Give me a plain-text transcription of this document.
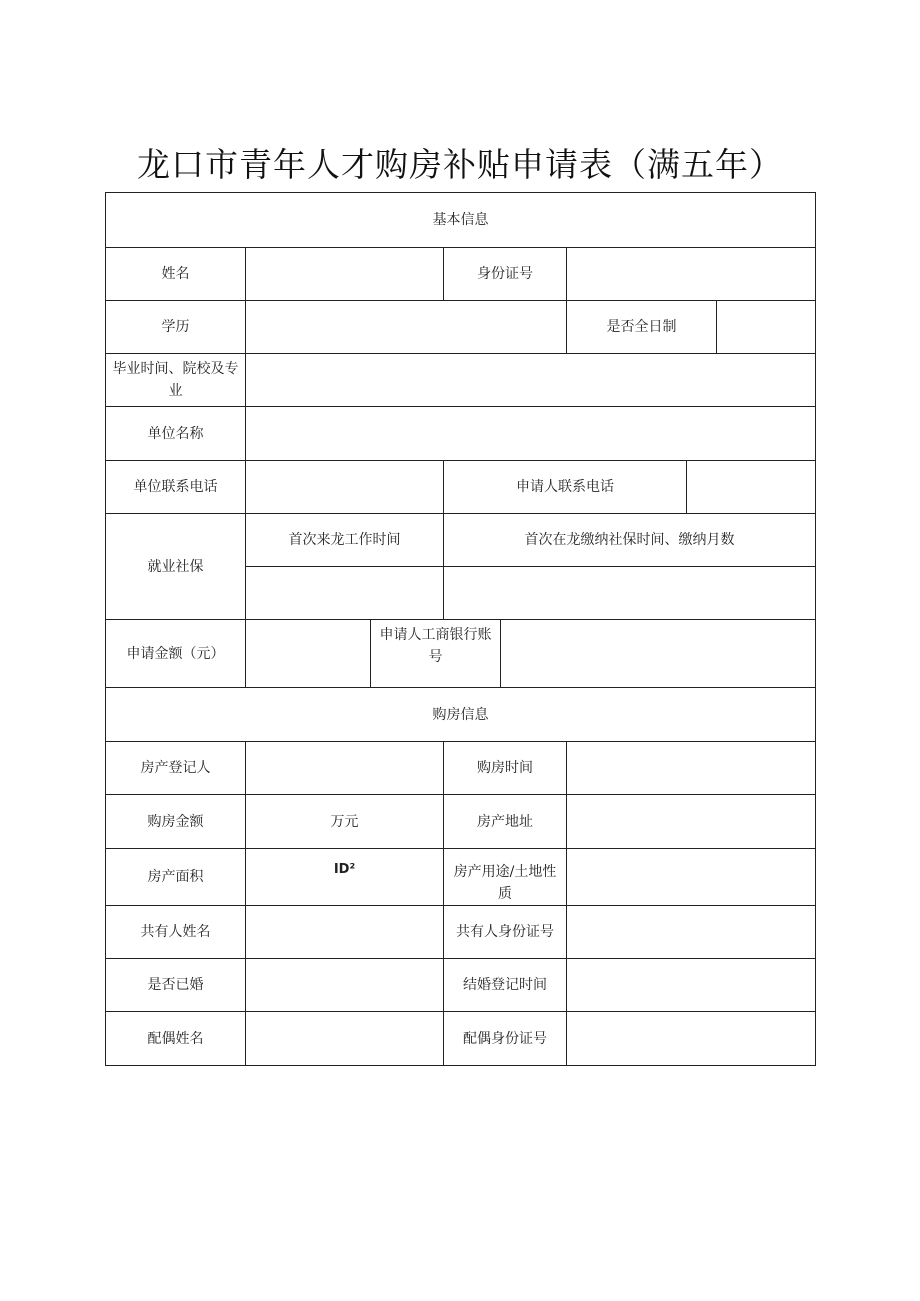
龙口市青年人才购房补贴申请表（满五年）
基本信息							
姓名			身份证号				
学历					是否全日制		
毕业时间、院校及专业							
单位名称							
单位联系电话			申请人联系电话				
就业社保	首次来龙工作时间		首次在龙缴纳社保时间、缴纳月数				

申请金额（元）		申请人工商银行账号					
购房信息							
房产登记人			购房时间				
购房金额	万元		房产地址				
房产面积	ID²		房产用途/土地性质				
共有人姓名			共有人身份证号				
是否已婚			结婚登记时间				
配偶姓名			配偶身份证号				
